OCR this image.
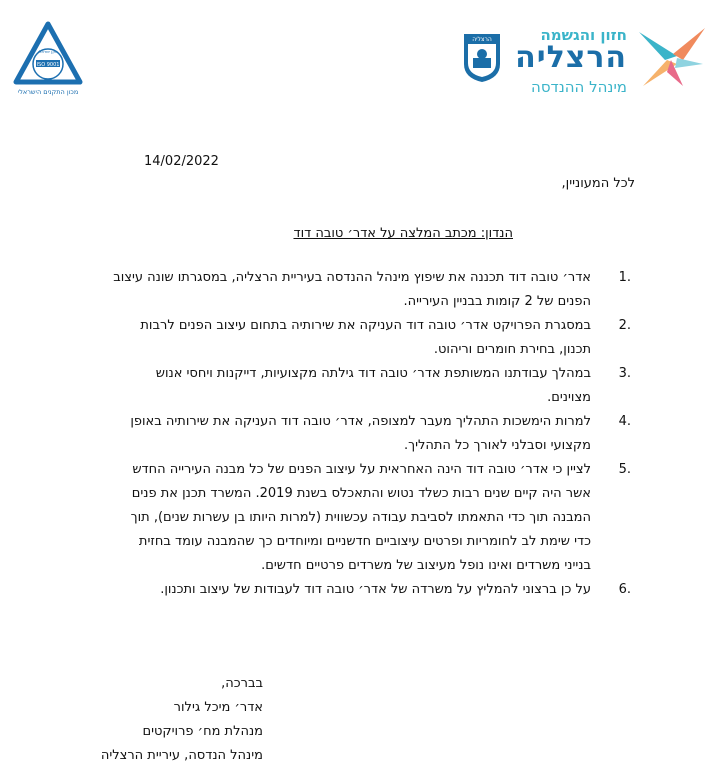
ISO 9001
מכון התקנים הישראלי
תקן ישראלי
חזון והגשמה
הרצליה
מינהל ההנדסה
הרצליה
14/02/2022
לכל המעוניין,
הנדון: מכתב המלצה על אדר׳ טובה דוד
.1
אדר׳ טובה דוד תכננה את שיפוץ מינהל ההנדסה בעיריית הרצליה, במסגרתו שונה עיצוב הפנים של 2 קומות בבניין העירייה.
.2
במסגרת הפרויקט אדר׳ טובה דוד העניקה את שירותיה בתחום עיצוב הפנים לרבות תכנון, בחירת חומרים וריהוט.
.3
במהלך עבודתנו המשותפת אדר׳ טובה דוד גילתה מקצועיות, דייקנות ויחסי אנוש מצוינים.
.4
למרות הימשכות התהליך מעבר למצופה, אדר׳ טובה דוד העניקה את שירותיה באופן מקצועי וסבלני לאורך כל התהליך.
.5
לציין כי אדר׳ טובה דוד הינה האחראית על עיצוב הפנים של כל מבנה העירייה החדש אשר היה קיים שנים רבות כשלד נטוש והתאכלס בשנת 2019. המשרד תכנן את פנים המבנה תוך כדי התאמתו לסביבת עבודה עכשווית (למרות היותו בן עשרות שנים), תוך כדי שימת לב לחומריות ופרטים עיצוביים חדשניים ומיוחדים כך שהמבנה עומד בחזית בנייני משרדים ואינו נופל מעיצוב של משרדים פרטיים חדשים.
.6
על כן ברצוני להמליץ על משרדה של אדר׳ טובה דוד לעבודות של עיצוב ותכנון.
בברכה,
אדר׳ מיכל גילור
מנהלת מח׳ פרויקטים
מינהל הנדסה, עיריית הרצליה
